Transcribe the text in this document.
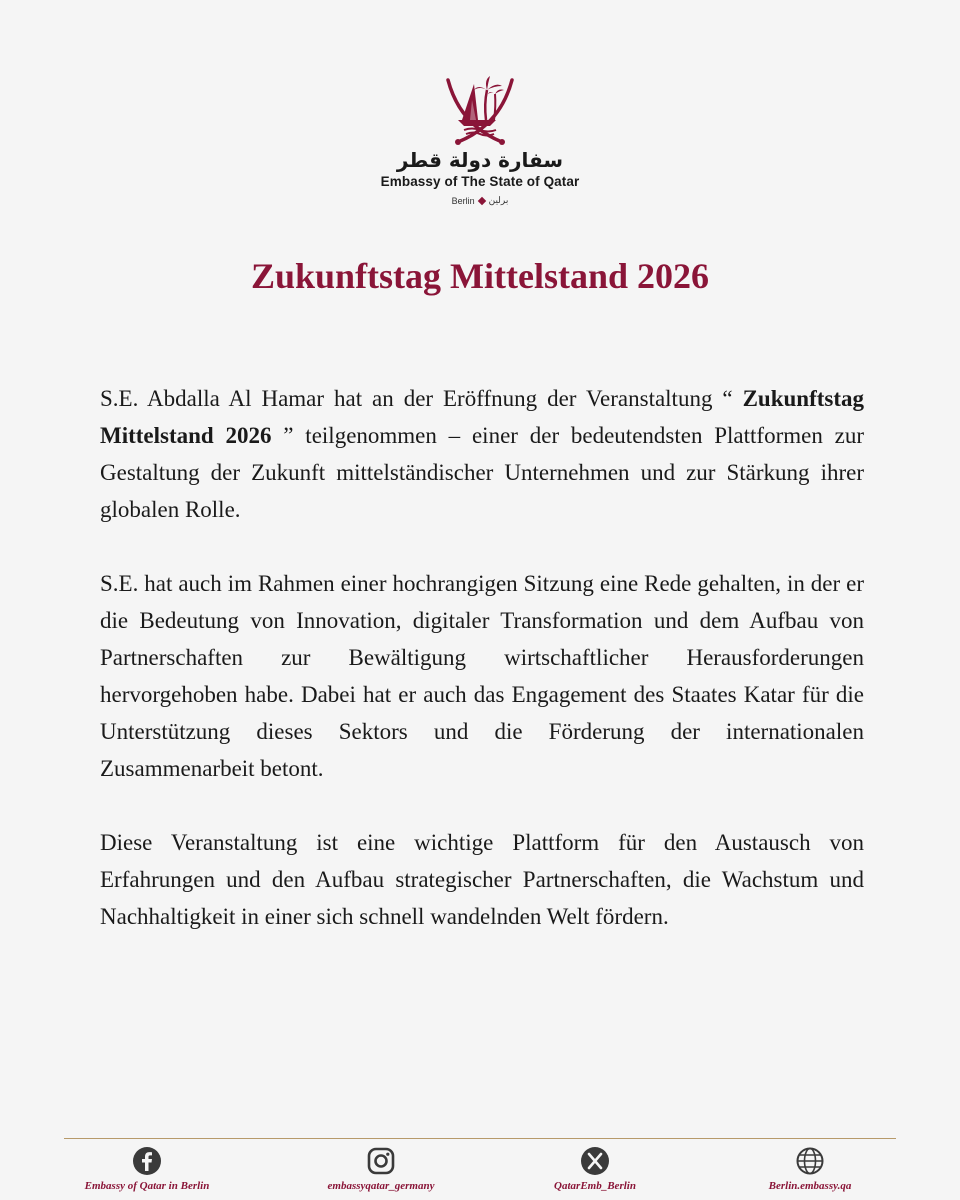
سفارة دولة قطر
Embassy of The State of Qatar
Berlin برلين
Zukunftstag Mittelstand 2026

S.E. Abdalla Al Hamar hat an der Eröffnung der Veranstaltung “ Zukunftstag Mittelstand 2026 ” teilgenommen – einer der bedeutendsten Plattformen zur Gestaltung der Zukunft mittelständischer Unternehmen und zur Stärkung ihrer globalen Rolle.

S.E. hat auch im Rahmen einer hochrangigen Sitzung eine Rede gehalten, in der er die Bedeutung von Innovation, digitaler Transformation und dem Aufbau von Partnerschaften zur Bewältigung wirtschaftlicher Herausforderungen hervorgehoben habe. Dabei hat er auch das Engagement des Staates Katar für die Unterstützung dieses Sektors und die Förderung der internationalen Zusammenarbeit betont.

Diese Veranstaltung ist eine wichtige Plattform für den Austausch von Erfahrungen und den Aufbau strategischer Partnerschaften, die Wachstum und Nachhaltigkeit in einer sich schnell wandelnden Welt fördern.

Embassy of Qatar in Berlin	embassyqatar_germany	QatarEmb_Berlin	Berlin.embassy.qa
